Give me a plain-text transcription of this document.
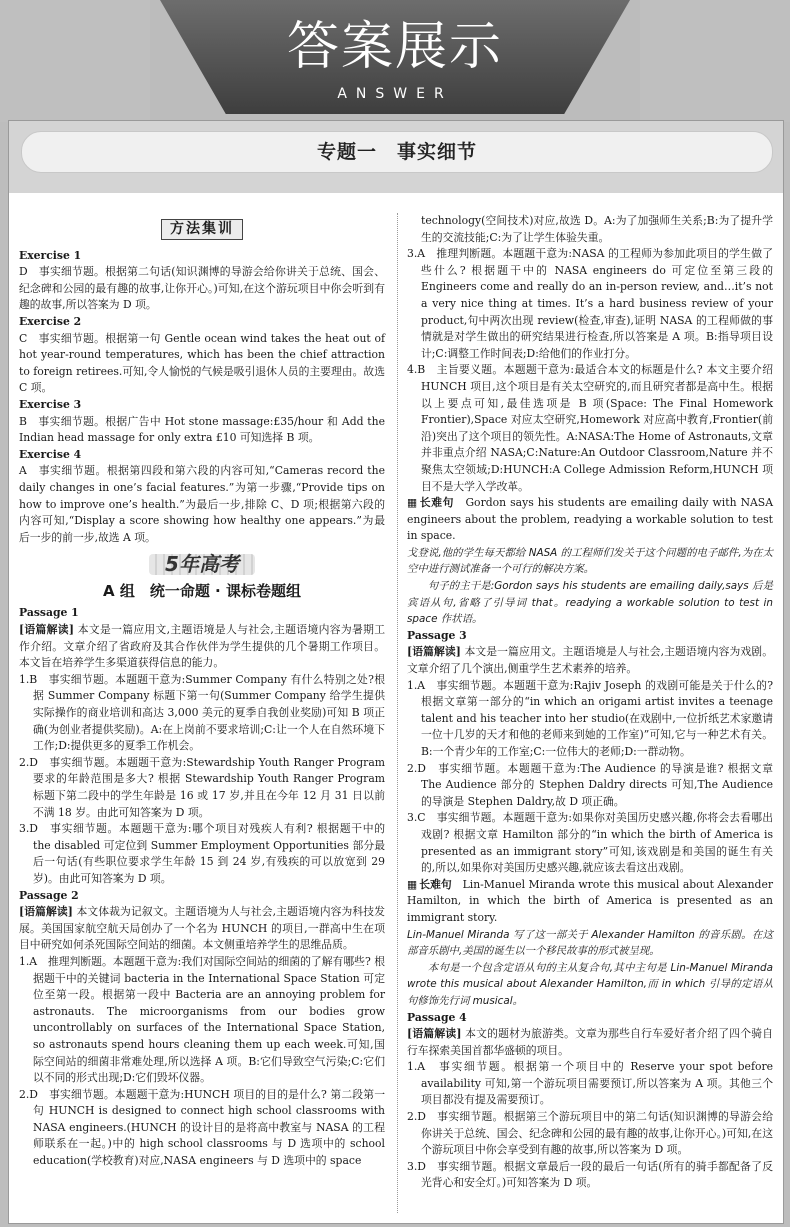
答案展示
ANSWER
专题一　事实细节
方法集训
Exercise 1

D　事实细节题。根据第二句话(知识渊博的导游会给你讲关于总统、国会、纪念碑和公园的最有趣的故事,让你开心。)可知,在这个游玩项目中你会听到有趣的故事,所以答案为 D 项。

Exercise 2

C　事实细节题。根据第一句 Gentle ocean wind takes the heat out of hot year-round temperatures, which has been the chief attraction to foreign retirees.可知,令人愉悦的气候是吸引退休人员的主要理由。故选 C 项。

Exercise 3

B　事实细节题。根据广告中 Hot stone massage:£35/hour 和 Add the Indian head massage for only extra £10 可知选择 B 项。

Exercise 4

A　事实细节题。根据第四段和第六段的内容可知,“Cameras record the daily changes in one’s facial features.”为第一步骤,“Provide tips on how to improve one’s health.”为最后一步,排除 C、D 项;根据第六段的内容可知,“Display a score showing how healthy one appears.”为最后一步的前一步,故选 A 项。

5年高考
A 组　统一命题 · 课标卷题组
Passage 1

[语篇解读] 本文是一篇应用文,主题语境是人与社会,主题语境内容为暑期工作介绍。文章介绍了省政府及其合作伙伴为学生提供的几个暑期工作项目。本文旨在培养学生多渠道获得信息的能力。

1.B　事实细节题。本题题干意为:Summer Company 有什么特别之处?根据 Summer Company 标题下第一句(Summer Company 给学生提供实际操作的商业培训和高达 3,000 美元的夏季自我创业奖励)可知 B 项正确(为创业者提供奖励)。A:在上岗前不要求培训;C:让一个人在自然环境下工作;D:提供更多的夏季工作机会。

2.D　事实细节题。本题题干意为:Stewardship Youth Ranger Program 要求的年龄范围是多大? 根据 Stewardship Youth Ranger Program 标题下第二段中的学生年龄是 16 或 17 岁,并且在今年 12 月 31 日以前不满 18 岁。由此可知答案为 D 项。

3.D　事实细节题。本题题干意为:哪个项目对残疾人有利? 根据题干中的 the disabled 可定位到 Summer Employment Opportunities 部分最后一句话(有些职位要求学生年龄 15 到 24 岁,有残疾的可以放宽到 29 岁)。由此可知答案为 D 项。

Passage 2

[语篇解读] 本文体裁为记叙文。主题语境为人与社会,主题语境内容为科技发展。美国国家航空航天局创办了一个名为 HUNCH 的项目,一群高中生在项目中研究如何杀死国际空间站的细菌。本文侧重培养学生的思维品质。

1.A　推理判断题。本题题干意为:我们对国际空间站的细菌的了解有哪些? 根据题干中的关键词 bacteria in the International Space Station 可定位至第一段。根据第一段中 Bacteria are an annoying problem for astronauts. The microorganisms from our bodies grow uncontrollably on surfaces of the International Space Station, so astronauts spend hours cleaning them up each week.可知,国际空间站的细菌非常难处理,所以选择 A 项。B:它们导致空气污染;C:它们以不同的形式出现;D:它们毁坏仪器。

2.D　事实细节题。本题题干意为:HUNCH 项目的目的是什么? 第二段第一句 HUNCH is designed to connect high school classrooms with NASA engineers.(HUNCH 的设计目的是将高中教室与 NASA 的工程师联系在一起。)中的 high school classrooms 与 D 选项中的 school education(学校教育)对应,NASA engineers 与 D 选项中的 space

technology(空间技术)对应,故选 D。A:为了加强师生关系;B:为了提升学生的交流技能;C:为了让学生体验失重。

3.A　推理判断题。本题题干意为:NASA 的工程师为参加此项目的学生做了些什么? 根据题干中的 NASA engineers do 可定位至第三段的 Engineers come and really do an in-person review, and…it’s not a very nice thing at times. It’s a hard business review of your product,句中两次出现 review(检查,审查),证明 NASA 的工程师做的事情就是对学生做出的研究结果进行检查,所以答案是 A 项。B:指导项目设计;C:调整工作时间表;D:给他们的作业打分。

4.B　主旨要义题。本题题干意为:最适合本文的标题是什么? 本文主要介绍 HUNCH 项目,这个项目是有关太空研究的,而且研究者都是高中生。根据以上要点可知,最佳选项是 B 项(Space: The Final Homework Frontier),Space 对应太空研究,Homework 对应高中教育,Frontier(前沿)突出了这个项目的领先性。A:NASA:The Home of Astronauts,文章并非重点介绍 NASA;C:Nature:An Outdoor Classroom,Nature 并不聚焦太空领域;D:HUNCH:A College Admission Reform,HUNCH 项目不是大学入学改革。

▦ 长难句　 Gordon says his students are emailing daily with NASA engineers about the problem, readying a workable solution to test in space.

戈登说,他的学生每天都给 NASA 的工程师们发关于这个问题的电子邮件,为在太空中进行测试准备一个可行的解决方案。

句子的主干是:Gordon says his students are emailing daily,says 后是宾语从句,省略了引导词 that。readying a workable solution to test in space 作状语。

Passage 3

[语篇解读] 本文是一篇应用文。主题语境是人与社会,主题语境内容为戏剧。文章介绍了几个演出,侧重学生艺术素养的培养。

1.A　事实细节题。本题题干意为:Rajiv Joseph 的戏剧可能是关于什么的? 根据文章第一部分的“in which an origami artist invites a teenage talent and his teacher into her studio(在戏剧中,一位折纸艺术家邀请一位十几岁的天才和他的老师来到她的工作室)”可知,它与一种艺术有关。B:一个青少年的工作室;C:一位伟大的老师;D:一群动物。

2.D　事实细节题。本题题干意为:The Audience 的导演是谁? 根据文章 The Audience 部分的 Stephen Daldry directs 可知,The Audience 的导演是 Stephen Daldry,故 D 项正确。

3.C　事实细节题。本题题干意为:如果你对美国历史感兴趣,你将会去看哪出戏剧? 根据文章 Hamilton 部分的“in which the birth of America is presented as an immigrant story”可知,该戏剧是和美国的诞生有关的,所以,如果你对美国历史感兴趣,就应该去看这出戏剧。

▦ 长难句　 Lin-Manuel Miranda wrote this musical about Alexander Hamilton, in which the birth of America is presented as an immigrant story.

Lin-Manuel Miranda 写了这一部关于 Alexander Hamilton 的音乐剧。在这部音乐剧中,美国的诞生以一个移民故事的形式被呈现。

本句是一个包含定语从句的主从复合句,其中主句是 Lin-Manuel Miranda wrote this musical about Alexander Hamilton,而 in which 引导的定语从句修饰先行词 musical。

Passage 4

[语篇解读] 本文的题材为旅游类。文章为那些自行车爱好者介绍了四个骑自行车探索美国首都华盛顿的项目。

1.A　事实细节题。根据第一个项目中的 Reserve your spot before availability 可知,第一个游玩项目需要预订,所以答案为 A 项。其他三个项目都没有提及需要预订。

2.D　事实细节题。根据第三个游玩项目中的第二句话(知识渊博的导游会给你讲关于总统、国会、纪念碑和公园的最有趣的故事,让你开心。)可知,在这个游玩项目中你会享受到有趣的故事,所以答案为 D 项。

3.D　事实细节题。根据文章最后一段的最后一句话(所有的骑手都配备了反光背心和安全灯。)可知答案为 D 项。
